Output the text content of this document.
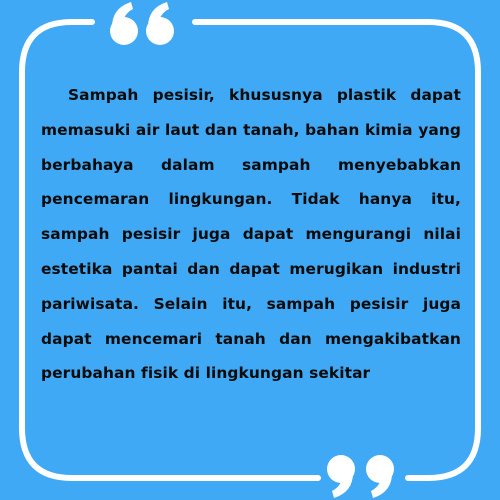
Sampah pesisir, khususnya plastik dapat memasuki air laut dan tanah, bahan kimia yang berbahaya dalam sampah menyebabkan pencemaran lingkungan. Tidak hanya itu, sampah pesisir juga dapat mengurangi nilai estetika pantai dan dapat merugikan industri pariwisata. Selain itu, sampah pesisir juga dapat mencemari tanah dan mengakibatkan perubahan fisik di lingkungan sekitar
